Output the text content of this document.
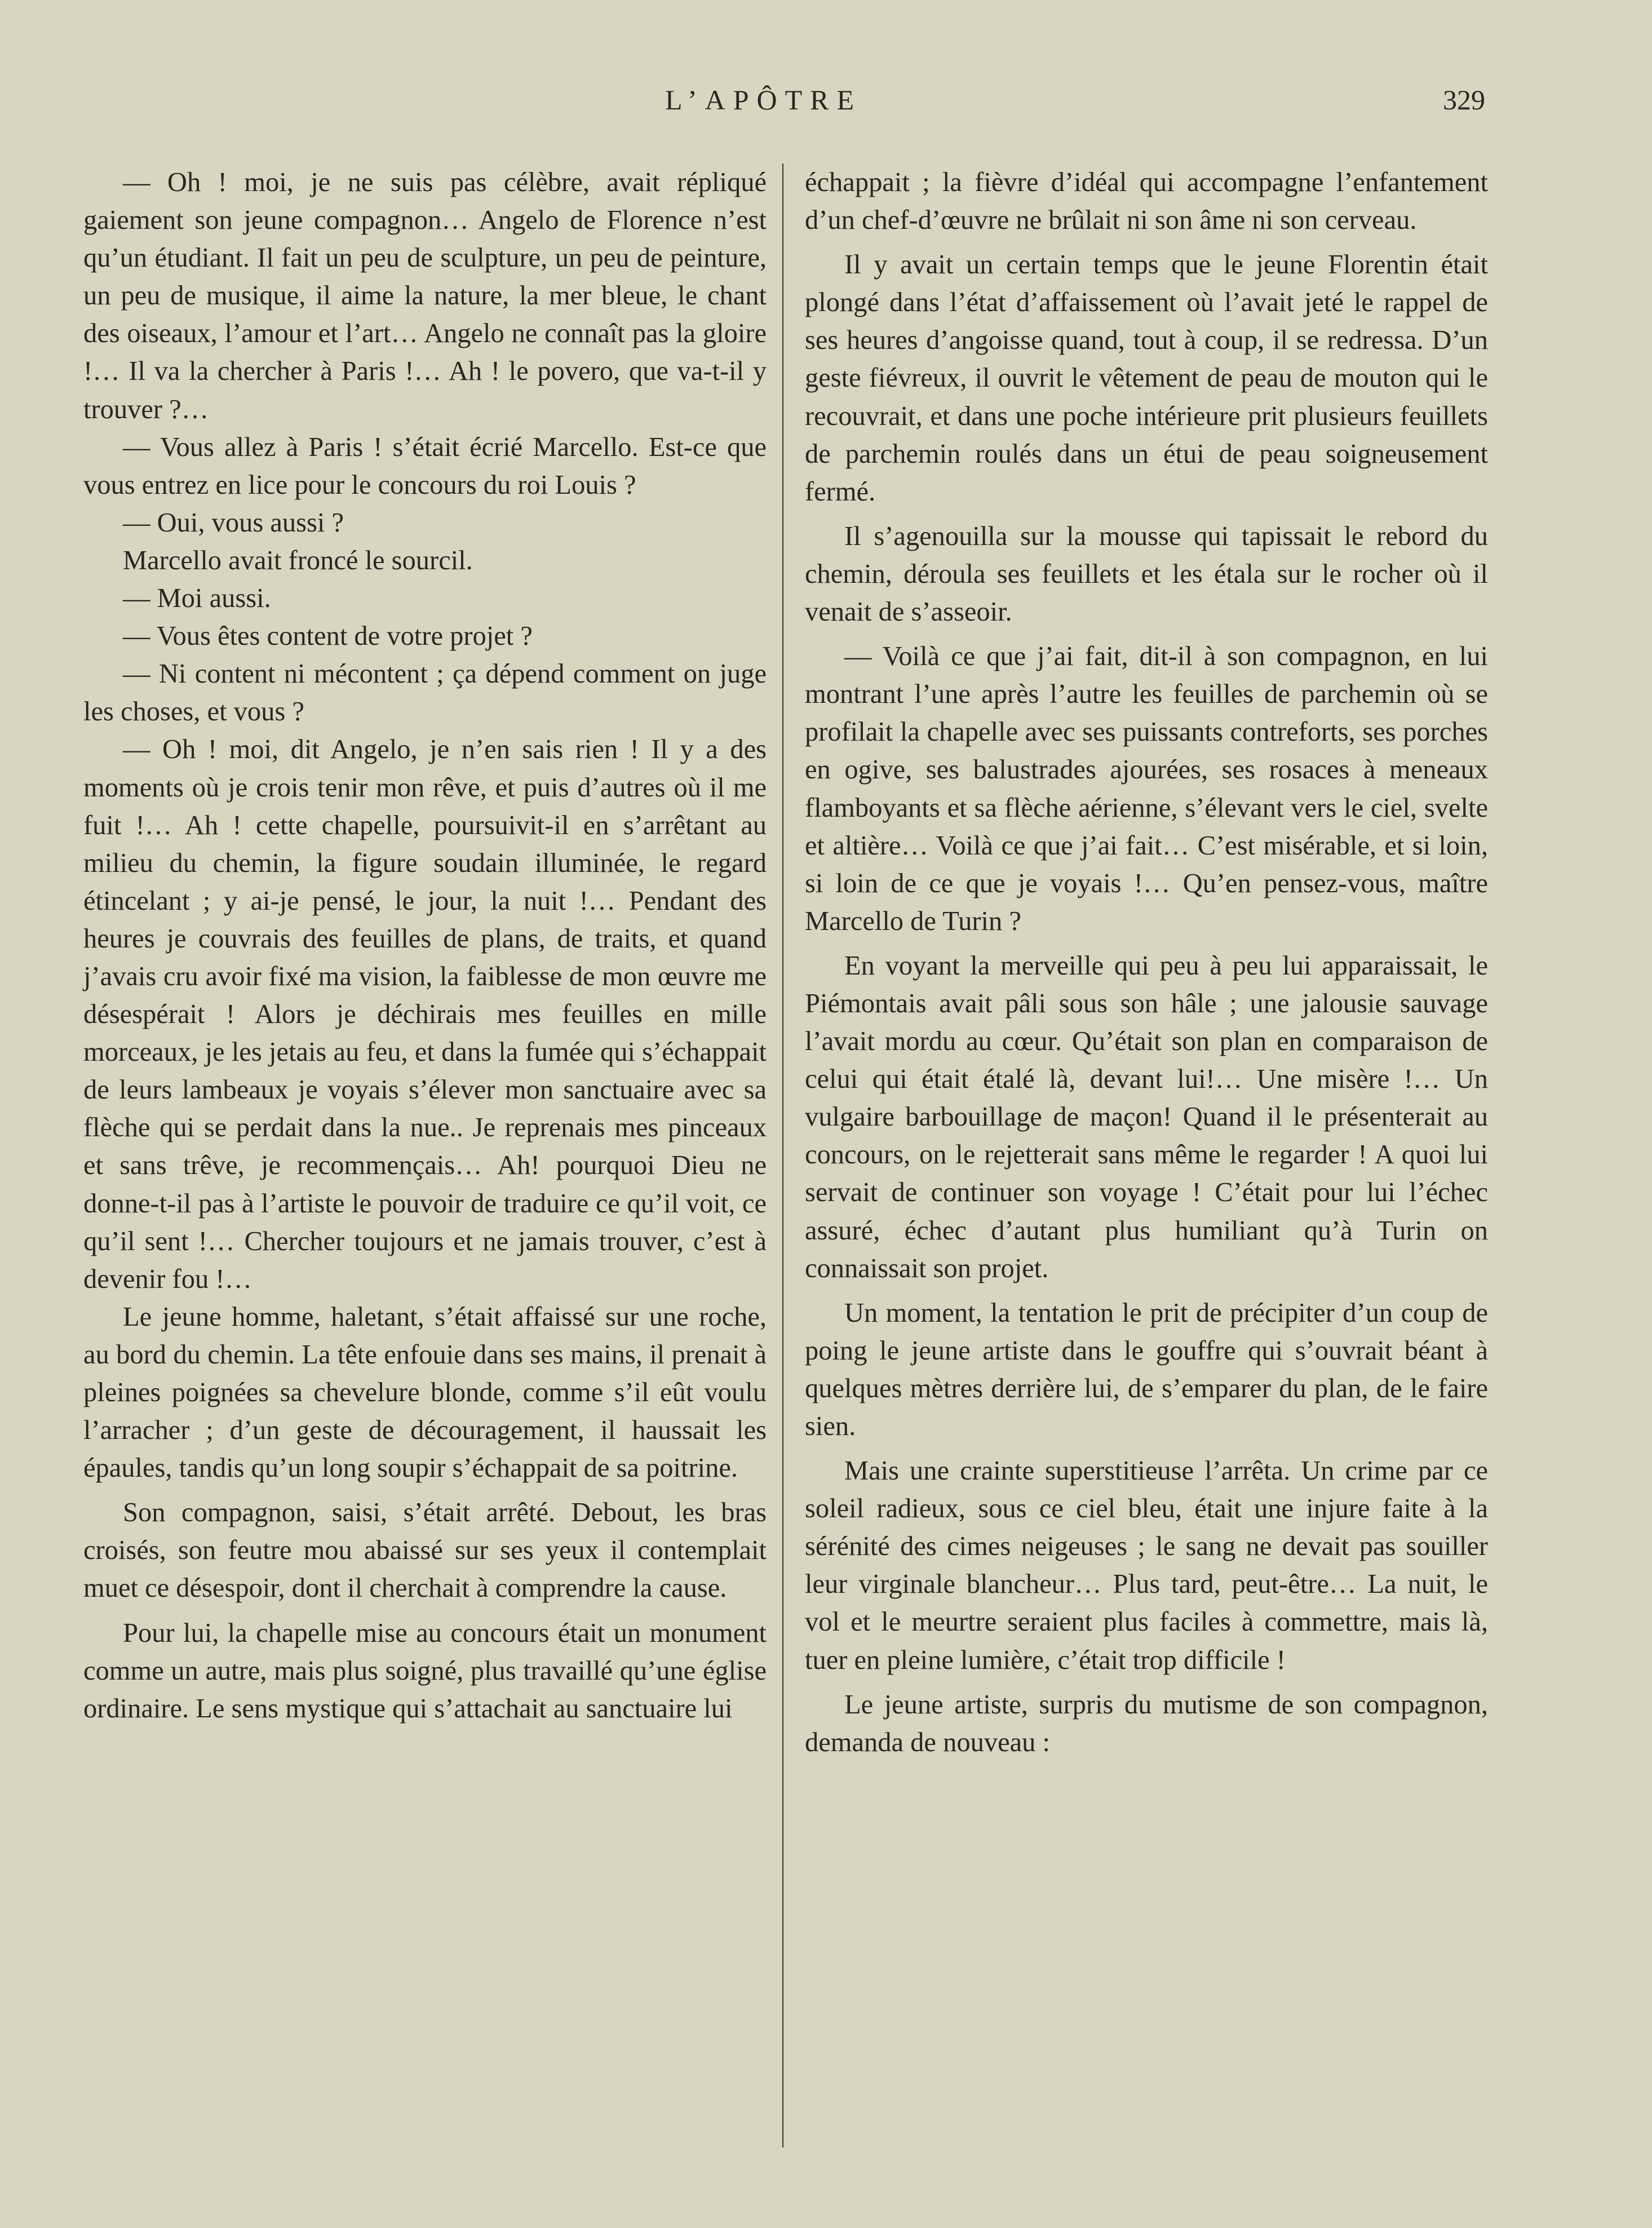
L’APÔTRE	329

— Oh ! moi, je ne suis pas célèbre, avait répliqué gaiement son jeune compagnon… Angelo de Florence n’est qu’un étudiant. Il fait un peu de sculpture, un peu de peinture, un peu de musique, il aime la nature, la mer bleue, le chant des oiseaux, l’amour et l’art… Angelo ne connaît pas la gloire !… Il va la chercher à Paris !… Ah ! le povero, que va-t-il y trouver ?…

— Vous allez à Paris ! s’était écrié Marcello. Est-ce que vous entrez en lice pour le concours du roi Louis ?

— Oui, vous aussi ?

Marcello avait froncé le sourcil.

— Moi aussi.

— Vous êtes content de votre projet ?

— Ni content ni mécontent ; ça dépend comment on juge les choses, et vous ?

— Oh ! moi, dit Angelo, je n’en sais rien ! Il y a des moments où je crois tenir mon rêve, et puis d’autres où il me fuit !… Ah ! cette chapelle, poursuivit-il en s’arrêtant au milieu du chemin, la figure soudain illuminée, le regard étincelant ; y ai-je pensé, le jour, la nuit !… Pendant des heures je couvrais des feuilles de plans, de traits, et quand j’avais cru avoir fixé ma vision, la faiblesse de mon œuvre me désespérait ! Alors je déchirais mes feuilles en mille morceaux, je les jetais au feu, et dans la fumée qui s’échappait de leurs lambeaux je voyais s’élever mon sanctuaire avec sa flèche qui se perdait dans la nue.. Je reprenais mes pinceaux et sans trêve, je recommençais… Ah! pourquoi Dieu ne donne-t-il pas à l’artiste le pouvoir de traduire ce qu’il voit, ce qu’il sent !… Chercher toujours et ne jamais trouver, c’est à devenir fou !…

Le jeune homme, haletant, s’était affaissé sur une roche, au bord du chemin. La tête enfouie dans ses mains, il prenait à pleines poignées sa chevelure blonde, comme s’il eût voulu l’arracher ; d’un geste de découragement, il haussait les épaules, tandis qu’un long soupir s’échappait de sa poitrine.

Son compagnon, saisi, s’était arrêté. Debout, les bras croisés, son feutre mou abaissé sur ses yeux il contemplait muet ce désespoir, dont il cherchait à comprendre la cause.

Pour lui, la chapelle mise au concours était un monument comme un autre, mais plus soigné, plus travaillé qu’une église ordinaire. Le sens mystique qui s’attachait au sanctuaire lui

échappait ; la fièvre d’idéal qui accompagne l’enfantement d’un chef-d’œuvre ne brûlait ni son âme ni son cerveau.

Il y avait un certain temps que le jeune Florentin était plongé dans l’état d’affaissement où l’avait jeté le rappel de ses heures d’angoisse quand, tout à coup, il se redressa. D’un geste fiévreux, il ouvrit le vêtement de peau de mouton qui le recouvrait, et dans une poche intérieure prit plusieurs feuillets de parchemin roulés dans un étui de peau soigneusement fermé.

Il s’agenouilla sur la mousse qui tapissait le rebord du chemin, déroula ses feuillets et les étala sur le rocher où il venait de s’asseoir.

— Voilà ce que j’ai fait, dit-il à son compagnon, en lui montrant l’une après l’autre les feuilles de parchemin où se profilait la chapelle avec ses puissants contreforts, ses porches en ogive, ses balustrades ajourées, ses rosaces à meneaux flamboyants et sa flèche aérienne, s’élevant vers le ciel, svelte et altière… Voilà ce que j’ai fait… C’est misérable, et si loin, si loin de ce que je voyais !… Qu’en pensez-vous, maître Marcello de Turin ?

En voyant la merveille qui peu à peu lui apparaissait, le Piémontais avait pâli sous son hâle ; une jalousie sauvage l’avait mordu au cœur. Qu’était son plan en comparaison de celui qui était étalé là, devant lui!… Une misère !… Un vulgaire barbouillage de maçon! Quand il le présenterait au concours, on le rejetterait sans même le regarder ! A quoi lui servait de continuer son voyage ! C’était pour lui l’échec assuré, échec d’autant plus humiliant qu’à Turin on connaissait son projet.

Un moment, la tentation le prit de précipiter d’un coup de poing le jeune artiste dans le gouffre qui s’ouvrait béant à quelques mètres derrière lui, de s’emparer du plan, de le faire sien.

Mais une crainte superstitieuse l’arrêta. Un crime par ce soleil radieux, sous ce ciel bleu, était une injure faite à la sérénité des cimes neigeuses ; le sang ne devait pas souiller leur virginale blancheur… Plus tard, peut-être… La nuit, le vol et le meurtre seraient plus faciles à commettre, mais là, tuer en pleine lumière, c’était trop difficile !

Le jeune artiste, surpris du mutisme de son compagnon, demanda de nouveau :
